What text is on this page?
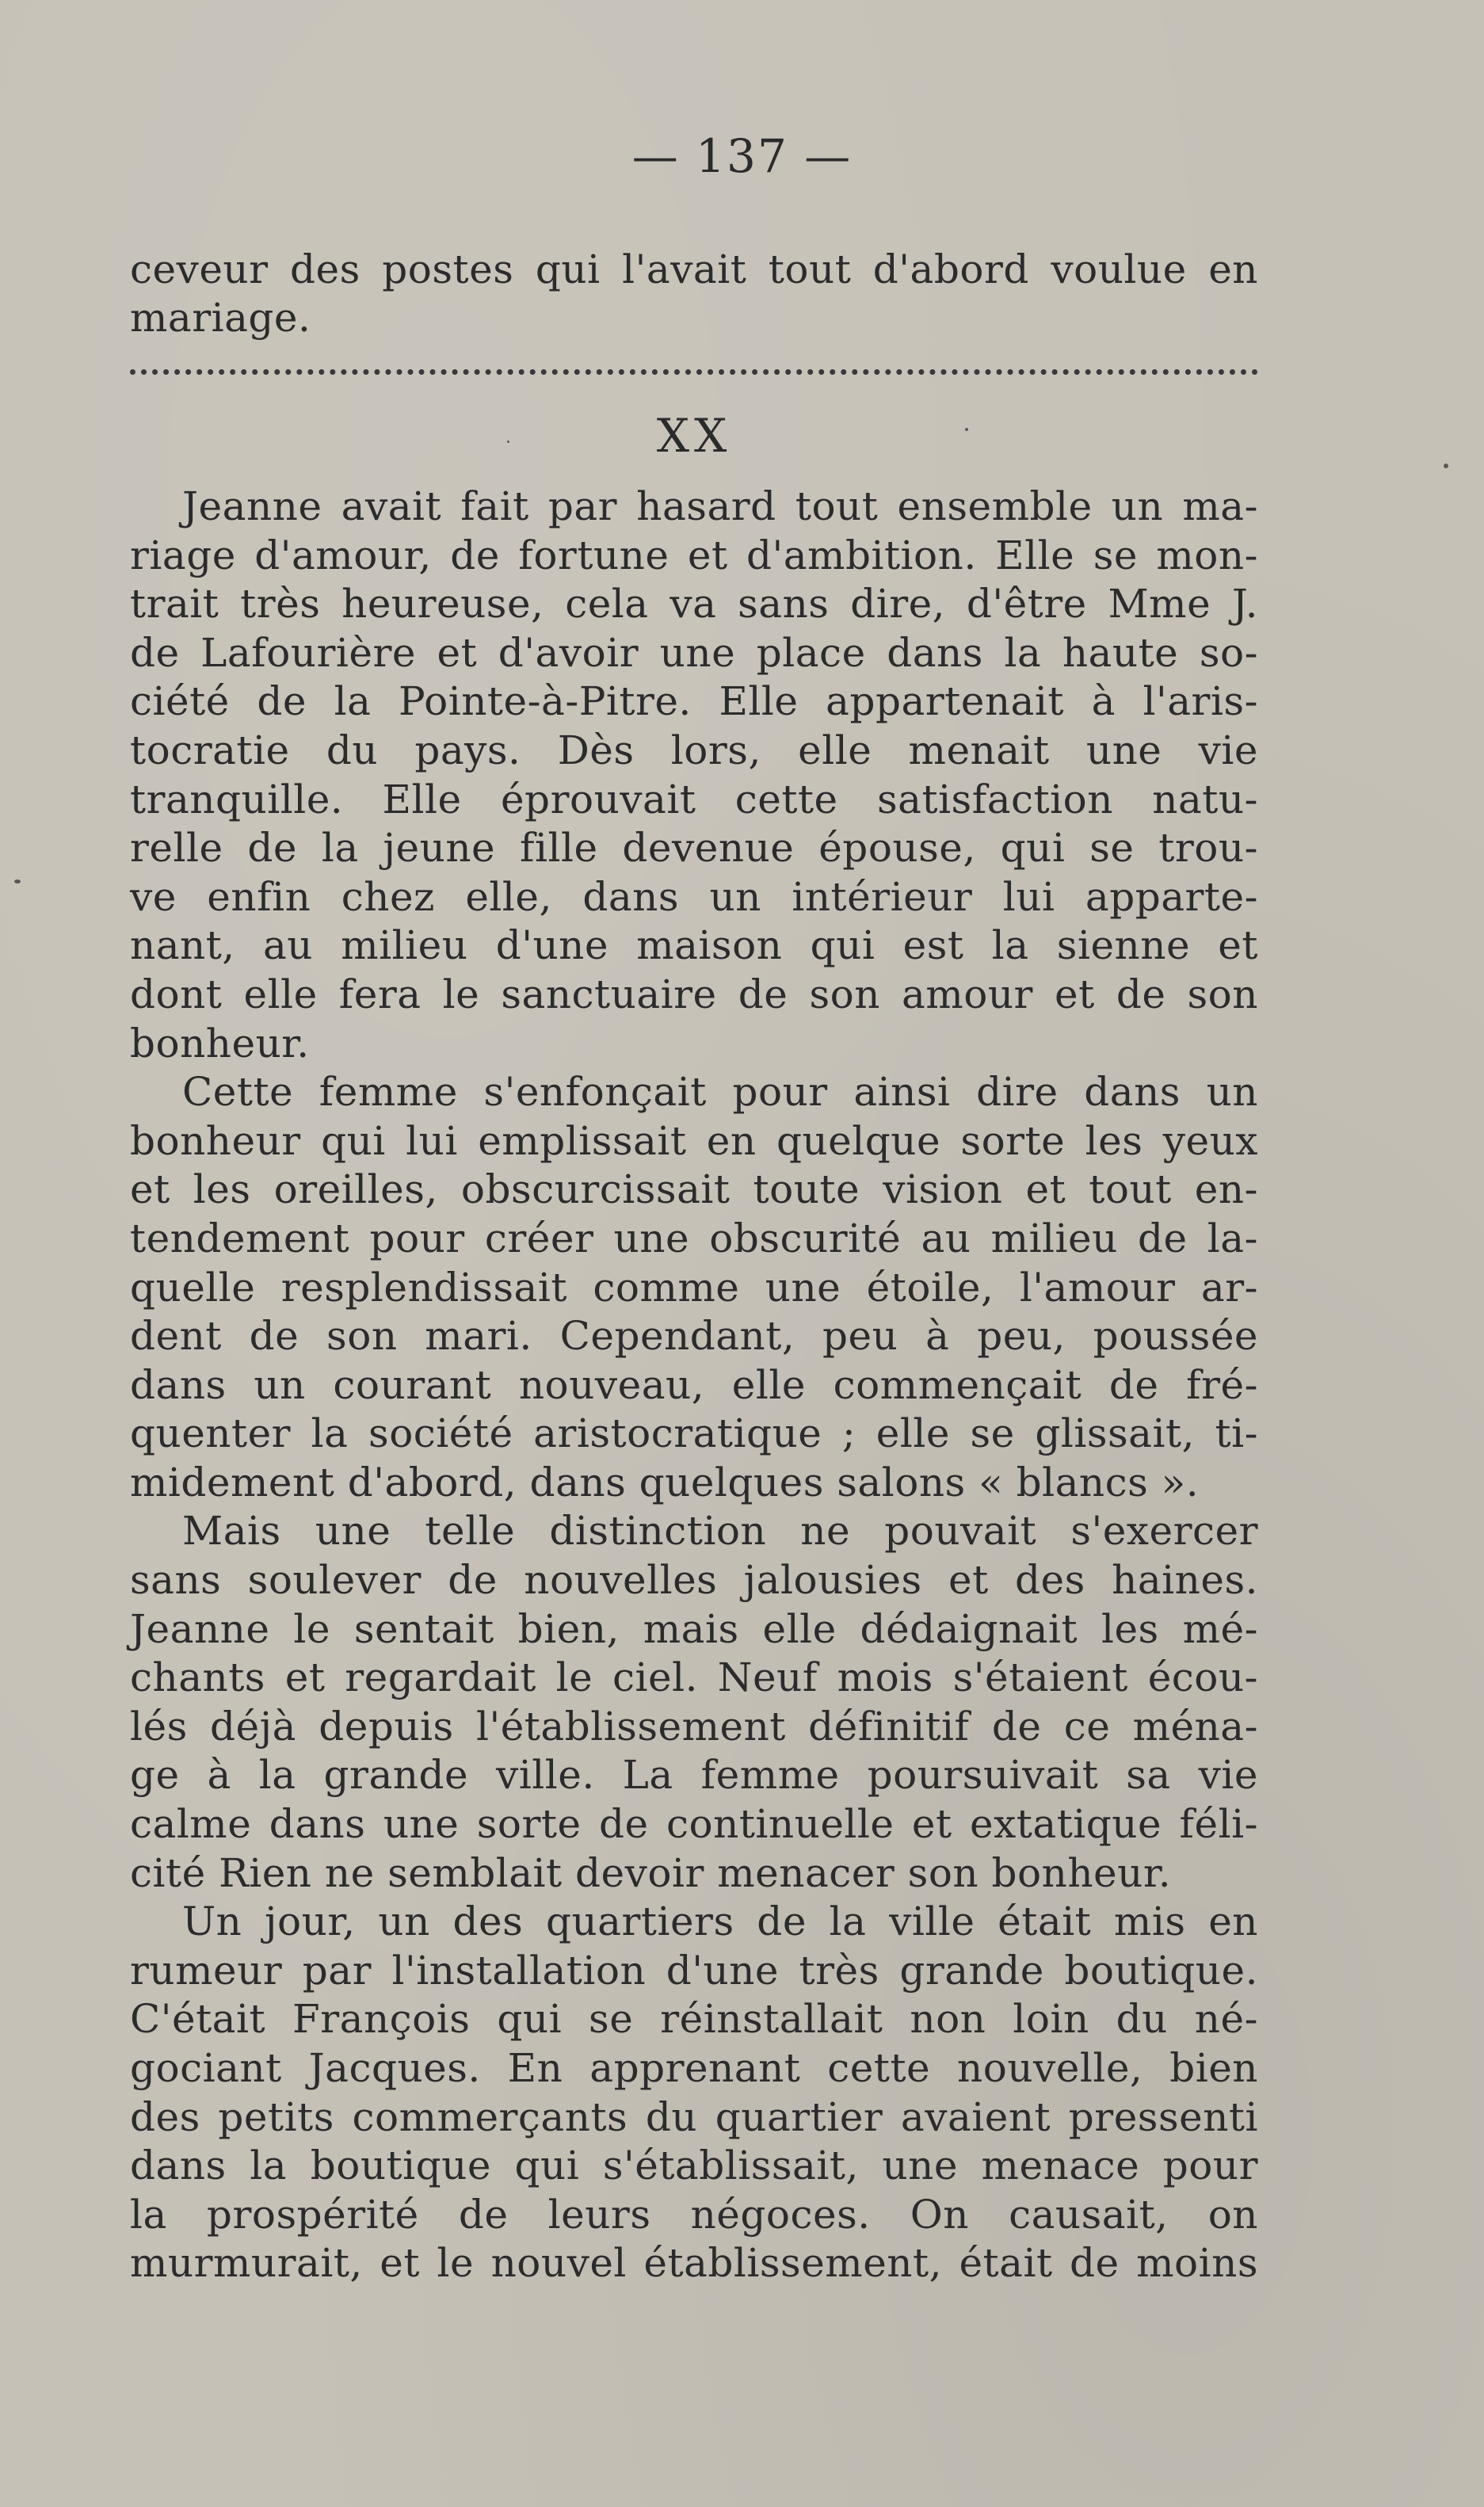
— 137 —
ceveur des postes qui l'avait tout d'abord voulue en
mariage.
XX
Jeanne avait fait par hasard tout ensemble un ma-
riage d'amour, de fortune et d'ambition. Elle se mon-
trait très heureuse, cela va sans dire, d'être Mme J.
de Lafourière et d'avoir une place dans la haute so-
ciété de la Pointe-à-Pitre. Elle appartenait à l'aris-
tocratie du pays. Dès lors, elle menait une vie
tranquille. Elle éprouvait cette satisfaction natu-
relle de la jeune fille devenue épouse, qui se trou-
ve enfin chez elle, dans un intérieur lui apparte-
nant, au milieu d'une maison qui est la sienne et
dont elle fera le sanctuaire de son amour et de son
bonheur.
Cette femme s'enfonçait pour ainsi dire dans un
bonheur qui lui emplissait en quelque sorte les yeux
et les oreilles, obscurcissait toute vision et tout en-
tendement pour créer une obscurité au milieu de la-
quelle resplendissait comme une étoile, l'amour ar-
dent de son mari. Cependant, peu à peu, poussée
dans un courant nouveau, elle commençait de fré-
quenter la société aristocratique ; elle se glissait, ti-
midement d'abord, dans quelques salons « blancs ».
Mais une telle distinction ne pouvait s'exercer
sans soulever de nouvelles jalousies et des haines.
Jeanne le sentait bien, mais elle dédaignait les mé-
chants et regardait le ciel. Neuf mois s'étaient écou-
lés déjà depuis l'établissement définitif de ce ména-
ge à la grande ville. La femme poursuivait sa vie
calme dans une sorte de continuelle et extatique féli-
cité Rien ne semblait devoir menacer son bonheur.
Un jour, un des quartiers de la ville était mis en
rumeur par l'installation d'une très grande boutique.
C'était François qui se réinstallait non loin du né-
gociant Jacques. En apprenant cette nouvelle, bien
des petits commerçants du quartier avaient pressenti
dans la boutique qui s'établissait, une menace pour
la prospérité de leurs négoces. On causait, on
murmurait, et le nouvel établissement, était de moins
